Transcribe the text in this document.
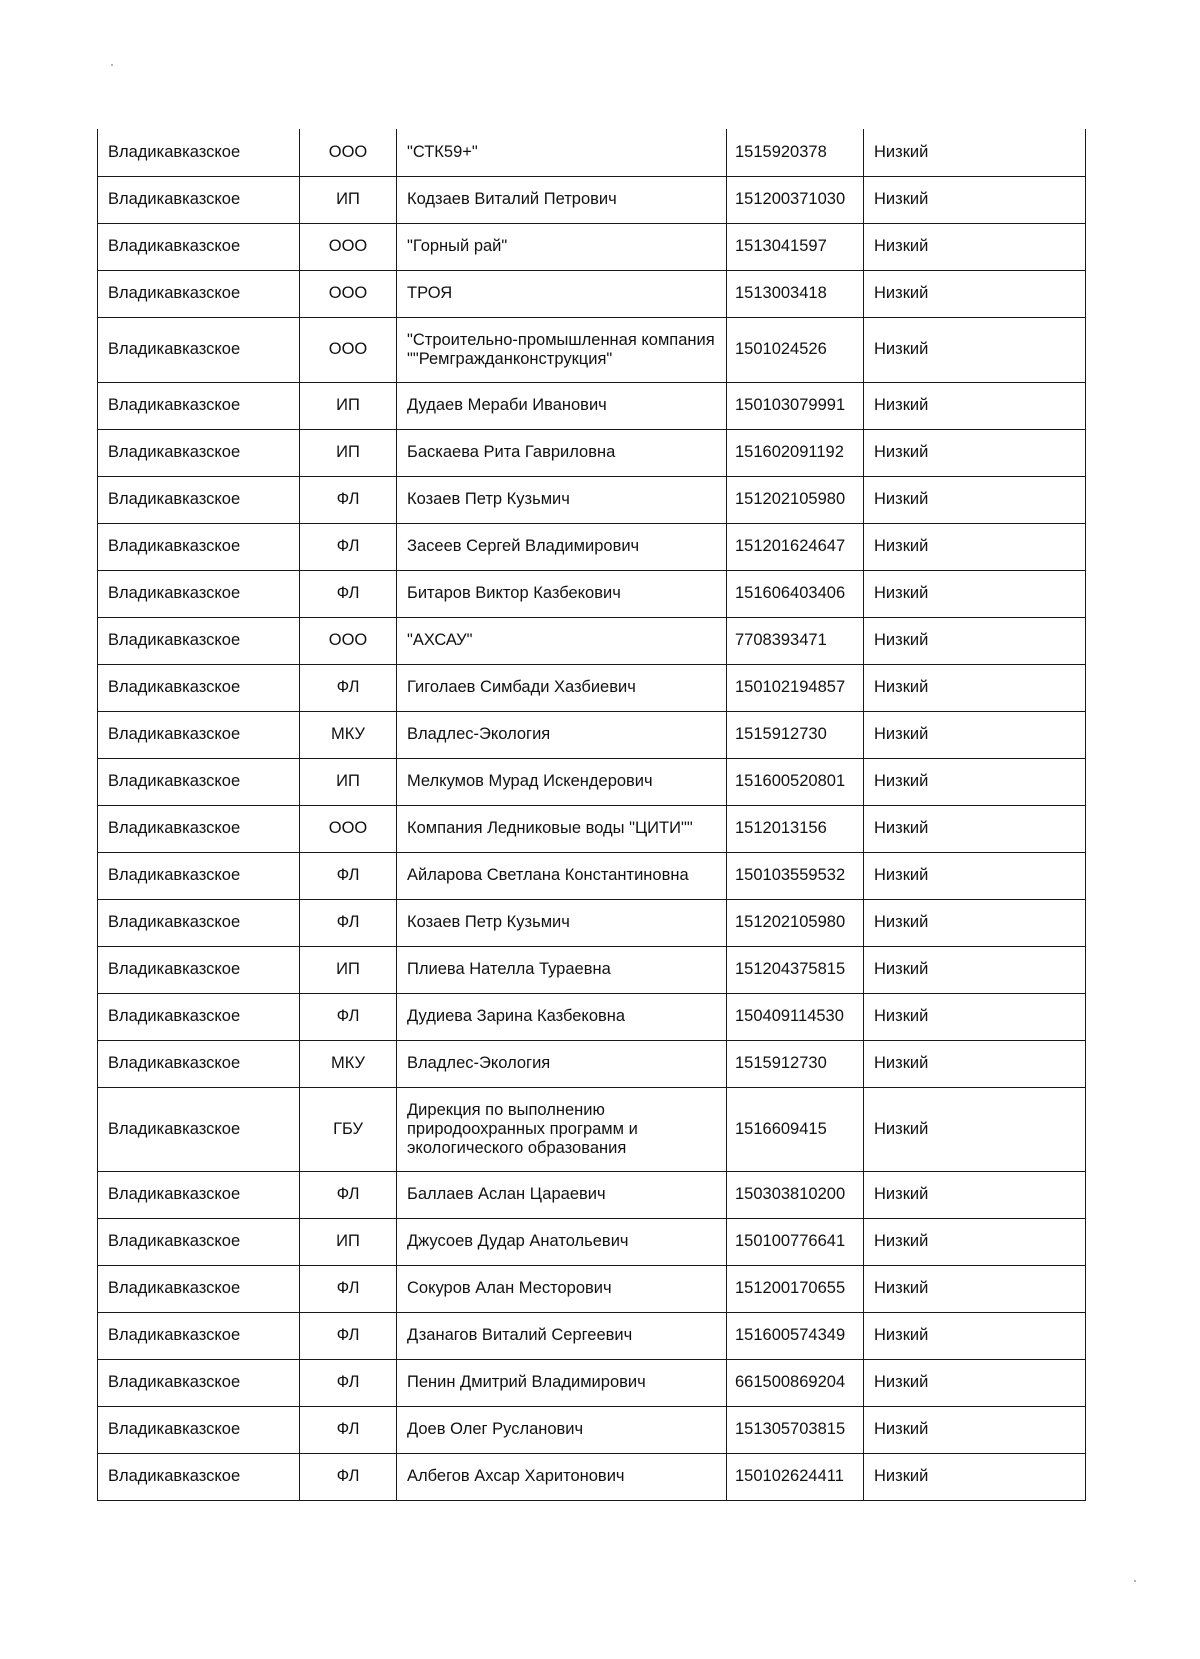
Владикавказское	ООО	"СТК59+"	1515920378	Низкий
Владикавказское	ИП	Кодзаев Виталий Петрович	151200371030	Низкий
Владикавказское	ООО	"Горный рай"	1513041597	Низкий
Владикавказское	ООО	ТРОЯ	1513003418	Низкий
Владикавказское	ООО	"Строительно-промышленная компания ""Ремгражданконструкция"	1501024526	Низкий
Владикавказское	ИП	Дудаев Мераби Иванович	150103079991	Низкий
Владикавказское	ИП	Баскаева Рита Гавриловна	151602091192	Низкий
Владикавказское	ФЛ	Козаев Петр Кузьмич	151202105980	Низкий
Владикавказское	ФЛ	Засеев Сергей Владимирович	151201624647	Низкий
Владикавказское	ФЛ	Битаров Виктор Казбекович	151606403406	Низкий
Владикавказское	ООО	"АХСАУ"	7708393471	Низкий
Владикавказское	ФЛ	Гиголаев Симбади Хазбиевич	150102194857	Низкий
Владикавказское	МКУ	Владлес-Экология	1515912730	Низкий
Владикавказское	ИП	Мелкумов Мурад Искендерович	151600520801	Низкий
Владикавказское	ООО	Компания Ледниковые воды "ЦИТИ""	1512013156	Низкий
Владикавказское	ФЛ	Айларова Светлана Константиновна	150103559532	Низкий
Владикавказское	ФЛ	Козаев Петр Кузьмич	151202105980	Низкий
Владикавказское	ИП	Плиева Нателла Тураевна	151204375815	Низкий
Владикавказское	ФЛ	Дудиева Зарина Казбековна	150409114530	Низкий
Владикавказское	МКУ	Владлес-Экология	1515912730	Низкий
Владикавказское	ГБУ	Дирекция по выполнению природоохранных программ и экологического образования	1516609415	Низкий
Владикавказское	ФЛ	Баллаев Аслан Цараевич	150303810200	Низкий
Владикавказское	ИП	Джусоев Дудар Анатольевич	150100776641	Низкий
Владикавказское	ФЛ	Сокуров Алан Месторович	151200170655	Низкий
Владикавказское	ФЛ	Дзанагов Виталий Сергеевич	151600574349	Низкий
Владикавказское	ФЛ	Пенин Дмитрий Владимирович	661500869204	Низкий
Владикавказское	ФЛ	Доев Олег Русланович	151305703815	Низкий
Владикавказское	ФЛ	Албегов Ахсар Харитонович	150102624411	Низкий
